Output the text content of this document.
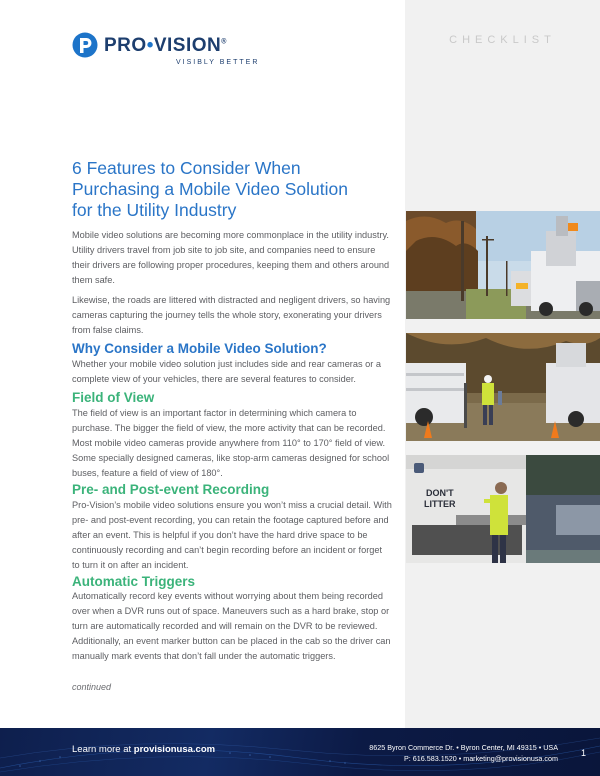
CHECKLIST
PRO•VISION®
VISIBLY BETTER
6 Features to Consider When Purchasing a Mobile Video Solution for the Utility Industry

Mobile video solutions are becoming more commonplace in the utility industry. Utility drivers travel from job site to job site, and companies need to ensure their drivers are following proper procedures, keeping them and others around them safe.

Likewise, the roads are littered with distracted and negligent drivers, so having cameras capturing the journey tells the whole story, exonerating your drivers from false claims.

Why Consider a Mobile Video Solution?

Whether your mobile video solution just includes side and rear cameras or a complete view of your vehicles, there are several features to consider.

Field of View

The field of view is an important factor in determining which camera to purchase. The bigger the field of view, the more activity that can be recorded. Most mobile video cameras provide anywhere from 110° to 170° field of view. Some specially designed cameras, like stop-arm cameras designed for school buses, feature a field of view of 180°.

Pre- and Post-event Recording

Pro-Vision’s mobile video solutions ensure you won’t miss a crucial detail. With pre- and post-event recording, you can retain the footage captured before and after an event. This is helpful if you don’t have the hard drive space to be continuously recording and can’t begin recording before an incident or forget to turn it on after an incident.

Automatic Triggers

Automatically record key events without worrying about them being recorded over when a DVR runs out of space. Maneuvers such as a hard brake, stop or turn are automatically recorded and will remain on the DVR to be reviewed. Additionally, an event marker button can be placed in the cab so the driver can manually mark events that don’t fall under the automatic triggers.

continued
DON'T
LITTER
Learn more at provisionusa.com	8625 Byron Commerce Dr. • Byron Center, MI 49315 • USA
P: 616.583.1520 • marketing@provisionusa.com
1
